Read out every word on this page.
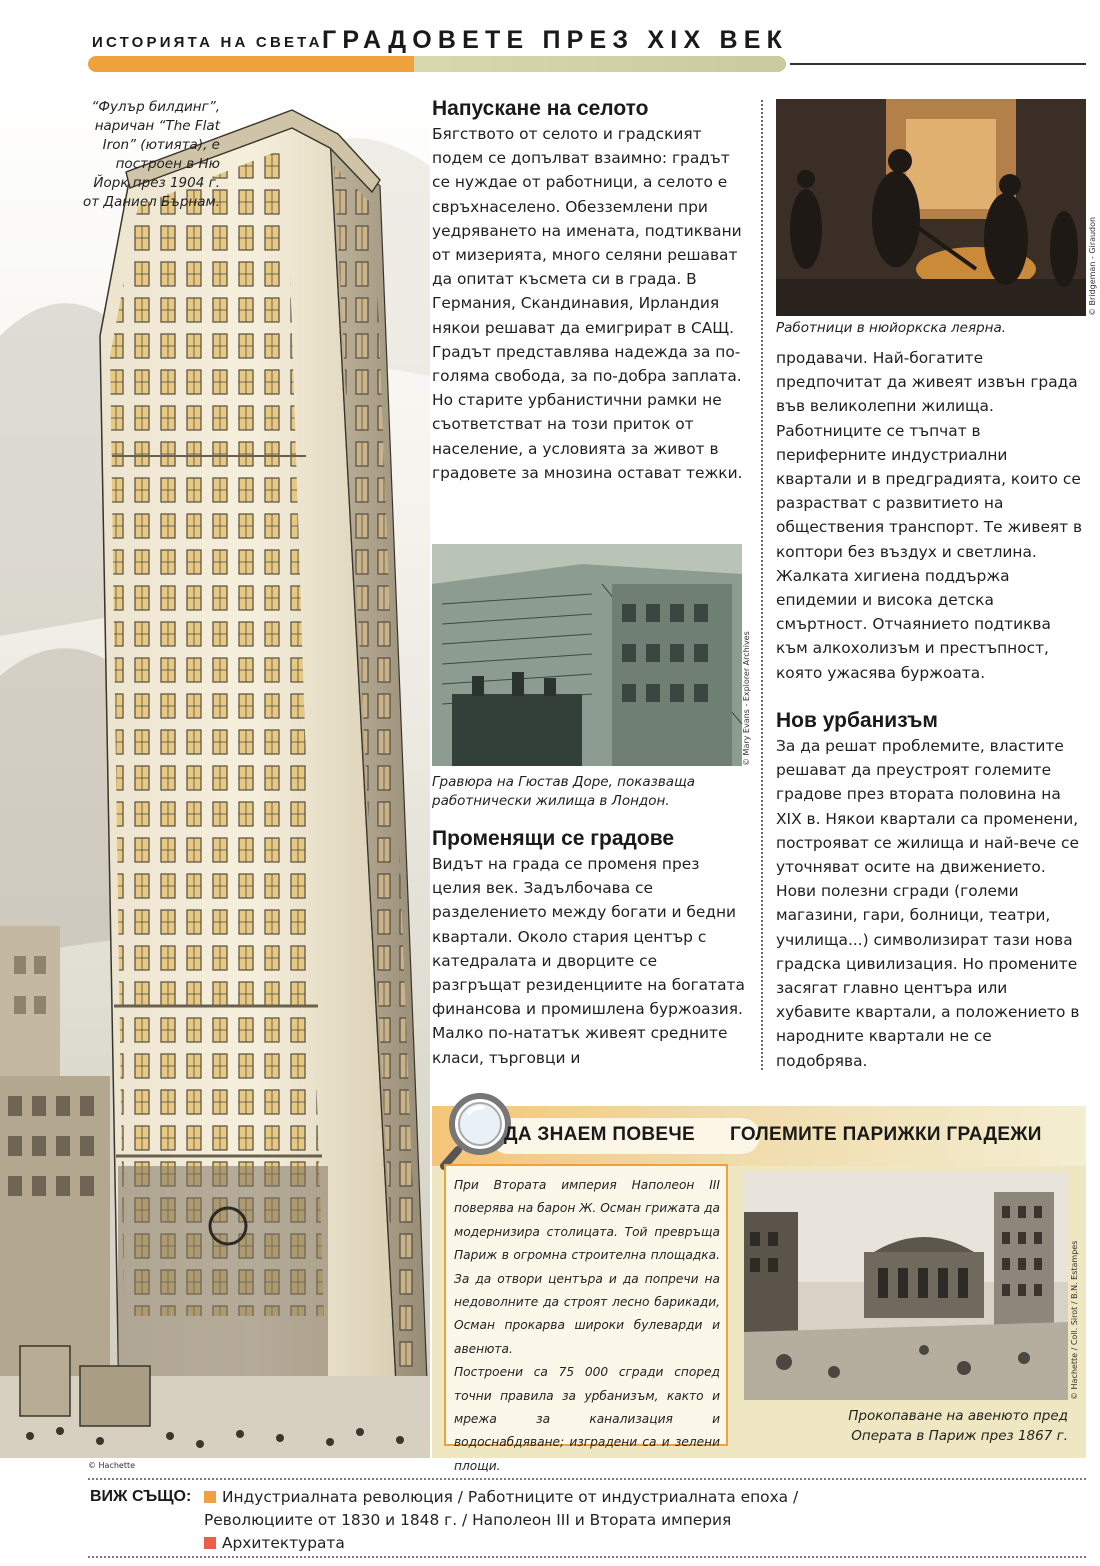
ИСТОРИЯТА НА СВЕТА ГРАДОВЕТЕ ПРЕЗ XIX ВЕК
“Фулър билдинг”, наричан “The Flat Iron” (ютията), е построен в Ню Йорк през 1904 г. от Даниел Бърнам.
© Hachette
Напускане на селото

Бягството от селото и градският подем се допълват взаимно: градът се нуждае от работници, а селото е свръхнаселено. Обезземлени при уедряването на имената, подтиквани от мизерията, много селяни решават да опитат късмета си в града. В Германия, Скандинавия, Ирландия някои решават да емигрират в САЩ. Градът представлява надежда за по-голяма свобода, за по-добра заплата. Но старите урбанистични рамки не съответстват на този приток от население, а условията за живот в градовете за мнозина остават тежки.

© Mary Evans - Explorer Archives
Гравюра на Гюстав Доре, показваща работнически жилища в Лондон.
Променящи се градове

Видът на града се променя през целия век. Задълбочава се разделението между богати и бедни квартали. Около стария център с катедралата и дворците се разгръщат резиденциите на богатата финансова и промишлена буржоазия. Малко по-нататък живеят средните класи, търговци и

© Bridgeman - Giraudon
Работници в нюйоркска леярна.

продавачи. Най-богатите предпочитат да живеят извън града във великолепни жилища. Работниците се тъпчат в периферните индустриални квартали и в предградията, които се разрастват с развитието на обществения транспорт. Те живеят в коптори без въздух и светлина. Жалката хигиена поддържа епидемии и висока детска смъртност. Отчаянието подтиква към алкохолизъм и престъпност, която ужасява буржоата.

Нов урбанизъм

За да решат проблемите, властите решават да преустроят големите градове през втората половина на XIX в. Някои квартали са променени, построяват се жилища и най-вече се уточняват осите на движението. Нови полезни сгради (големи магазини, гари, болници, театри, училища...) символизират тази нова градска цивилизация. Но промените засягат главно центъра или хубавите квартали, а положението в народните квартали не се подобрява.

ДА ЗНАЕМ ПОВЕЧЕ ГОЛЕМИТЕ ПАРИЖКИ ГРАДЕЖИ

При Втората империя Наполеон III поверява на барон Ж. Осман грижата да модернизира столицата. Той превръща Париж в огромна строителна площадка. За да отвори центъра и да попречи на недоволните да строят лесно барикади, Осман прокарва широки булеварди и авенюта.

Построени са 75 000 сгради според точни правила за урбанизъм, както и мрежа за канализация и водоснабдяване; изградени са и зелени площи.

© Hachette / Coll. Sirot / B.N. Estampes
Прокопаване на авенюто пред Операта в Париж през 1867 г.
ВИЖ СЪЩО:	Индустриалната революция / Работниците от индустриалната епоха /
Революциите от 1830 и 1848 г. / Наполеон III и Втората империя
Архитектурата
